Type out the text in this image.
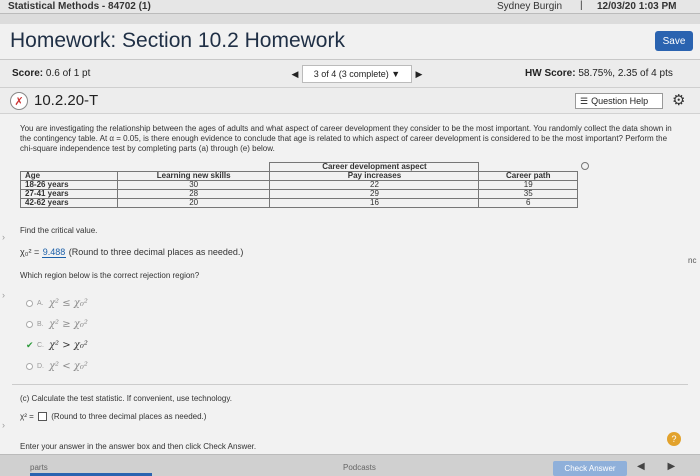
Statistical Methods - 84702 (1)	Sydney Burgin | 12/03/20 1:03 PM
Homework: Section 10.2 Homework	Save
Score: 0.6 of 1 pt	◀	3 of 4 (3 complete) ▼	▶	HW Score: 58.75%, 2.35 of 4 pts
✗ 10.2.20-T	☰ Question Help ⚙
You are investigating the relationship between the ages of adults and what aspect of career development they consider to be the most important. You randomly collect the data shown in the contingency table. At α = 0.05, is there enough evidence to conclude that age is related to which aspect of career development is considered to be the most important? Perform the chi-square independence test by completing parts (a) through (e) below.
		Career development aspect	
Age	Learning new skills	Pay increases	Career path
18-26 years	30	22	19
27-41 years	28	29	35
42-62 years	20	16	6
Find the critical value.
χ₀² = 9.488 (Round to three decimal places as needed.)
Which region below is the correct rejection region?
A. χ² ≤ χ₀²
B. χ² ≥ χ₀²
✔ C. χ² > χ₀²
D. χ² < χ₀²
(c) Calculate the test statistic. If convenient, use technology.
χ² = (Round to three decimal places as needed.)
Enter your answer in the answer box and then click Check Answer.
?
›
›
›
nc
parts	Podcasts	Check Answer	◀ ▶
